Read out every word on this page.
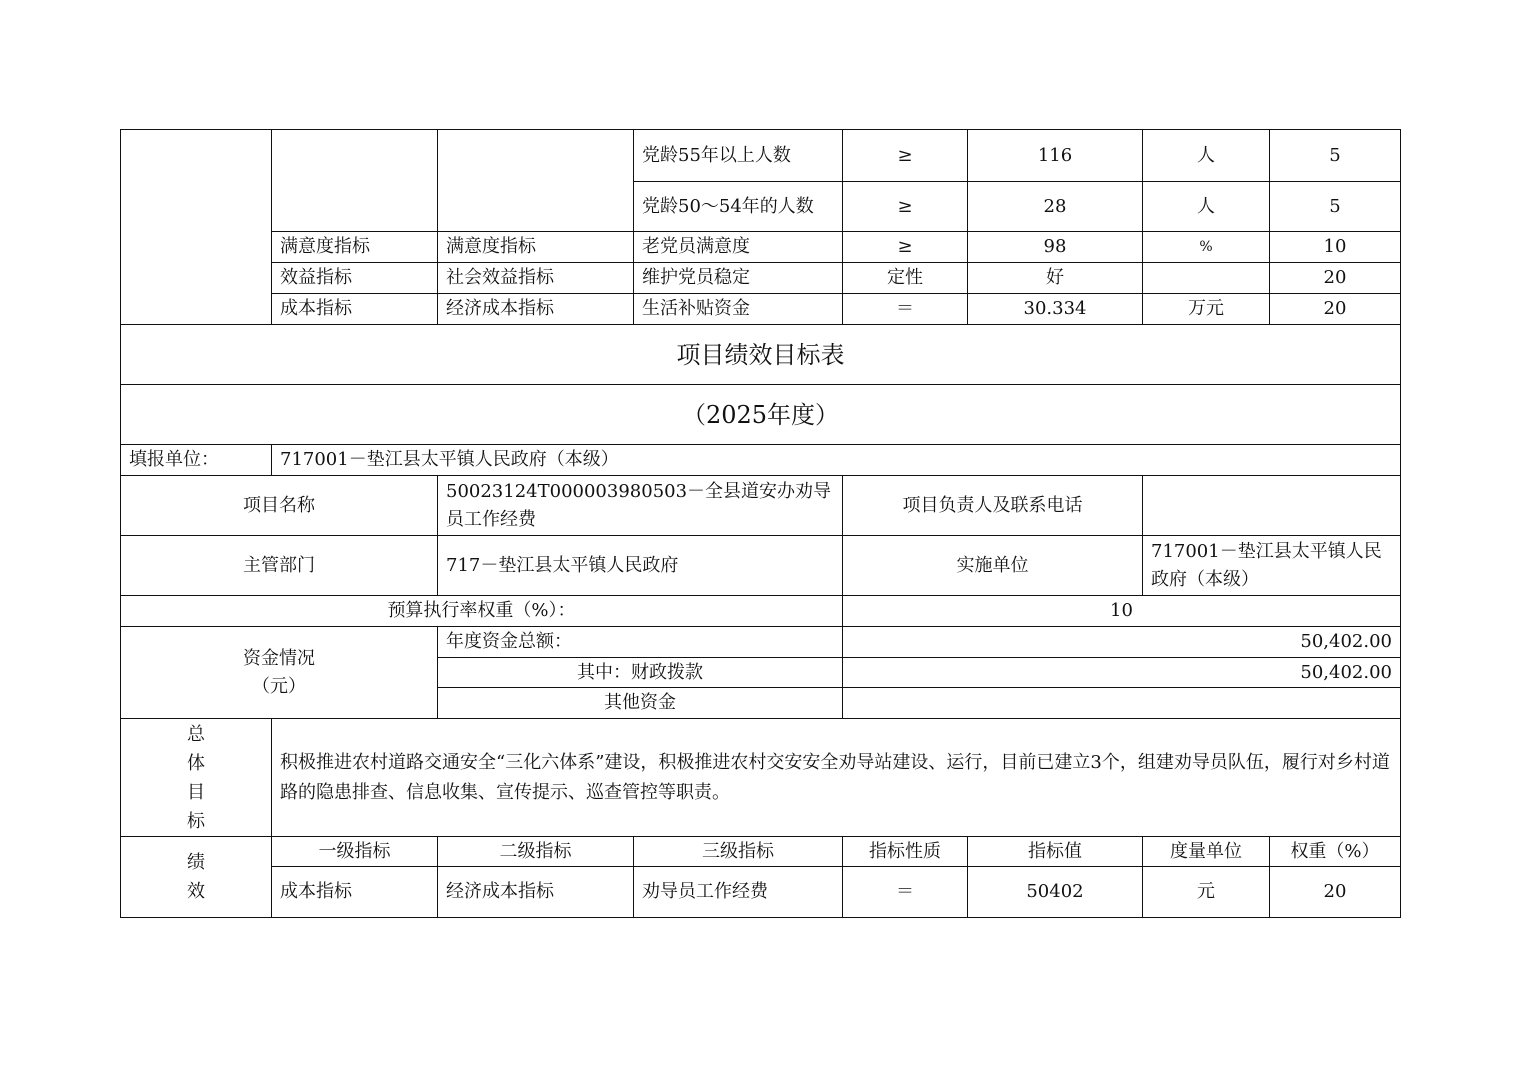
			党龄55年以上人数	≥	116	人	5
			党龄50～54年的人数	≥	28	人	5
	满意度指标	满意度指标	老党员满意度	≥	98	%	10
	效益指标	社会效益指标	维护党员稳定	定性	好		20
	成本指标	经济成本指标	生活补贴资金	＝	30.334	万元	20
项目绩效目标表							
（2025年度）							
填报单位：	717001－垫江县太平镇人民政府（本级）						
项目名称		50023124T000003980503－全县道安办劝导员工作经费		项目负责人及联系电话			
主管部门		717－垫江县太平镇人民政府		实施单位		717001－垫江县太平镇人民政府（本级）	
预算执行率权重（%）：				10			

资金情况
（元）		年度资金总额：		50,402.00			
		其中：财政拨款		50,402.00			
		其他资金					

总
体
目
标	积极推进农村道路交通安全“三化六体系”建设，积极推进农村交安安全劝导站建设、运行，目前已建立3个，组建劝导员队伍，履行对乡村道路的隐患排查、信息收集、宣传提示、巡查管控等职责。						

绩
效	一级指标	二级指标	三级指标	指标性质	指标值	度量单位	权重（%）
	成本指标	经济成本指标	劝导员工作经费	＝	50402	元	20
